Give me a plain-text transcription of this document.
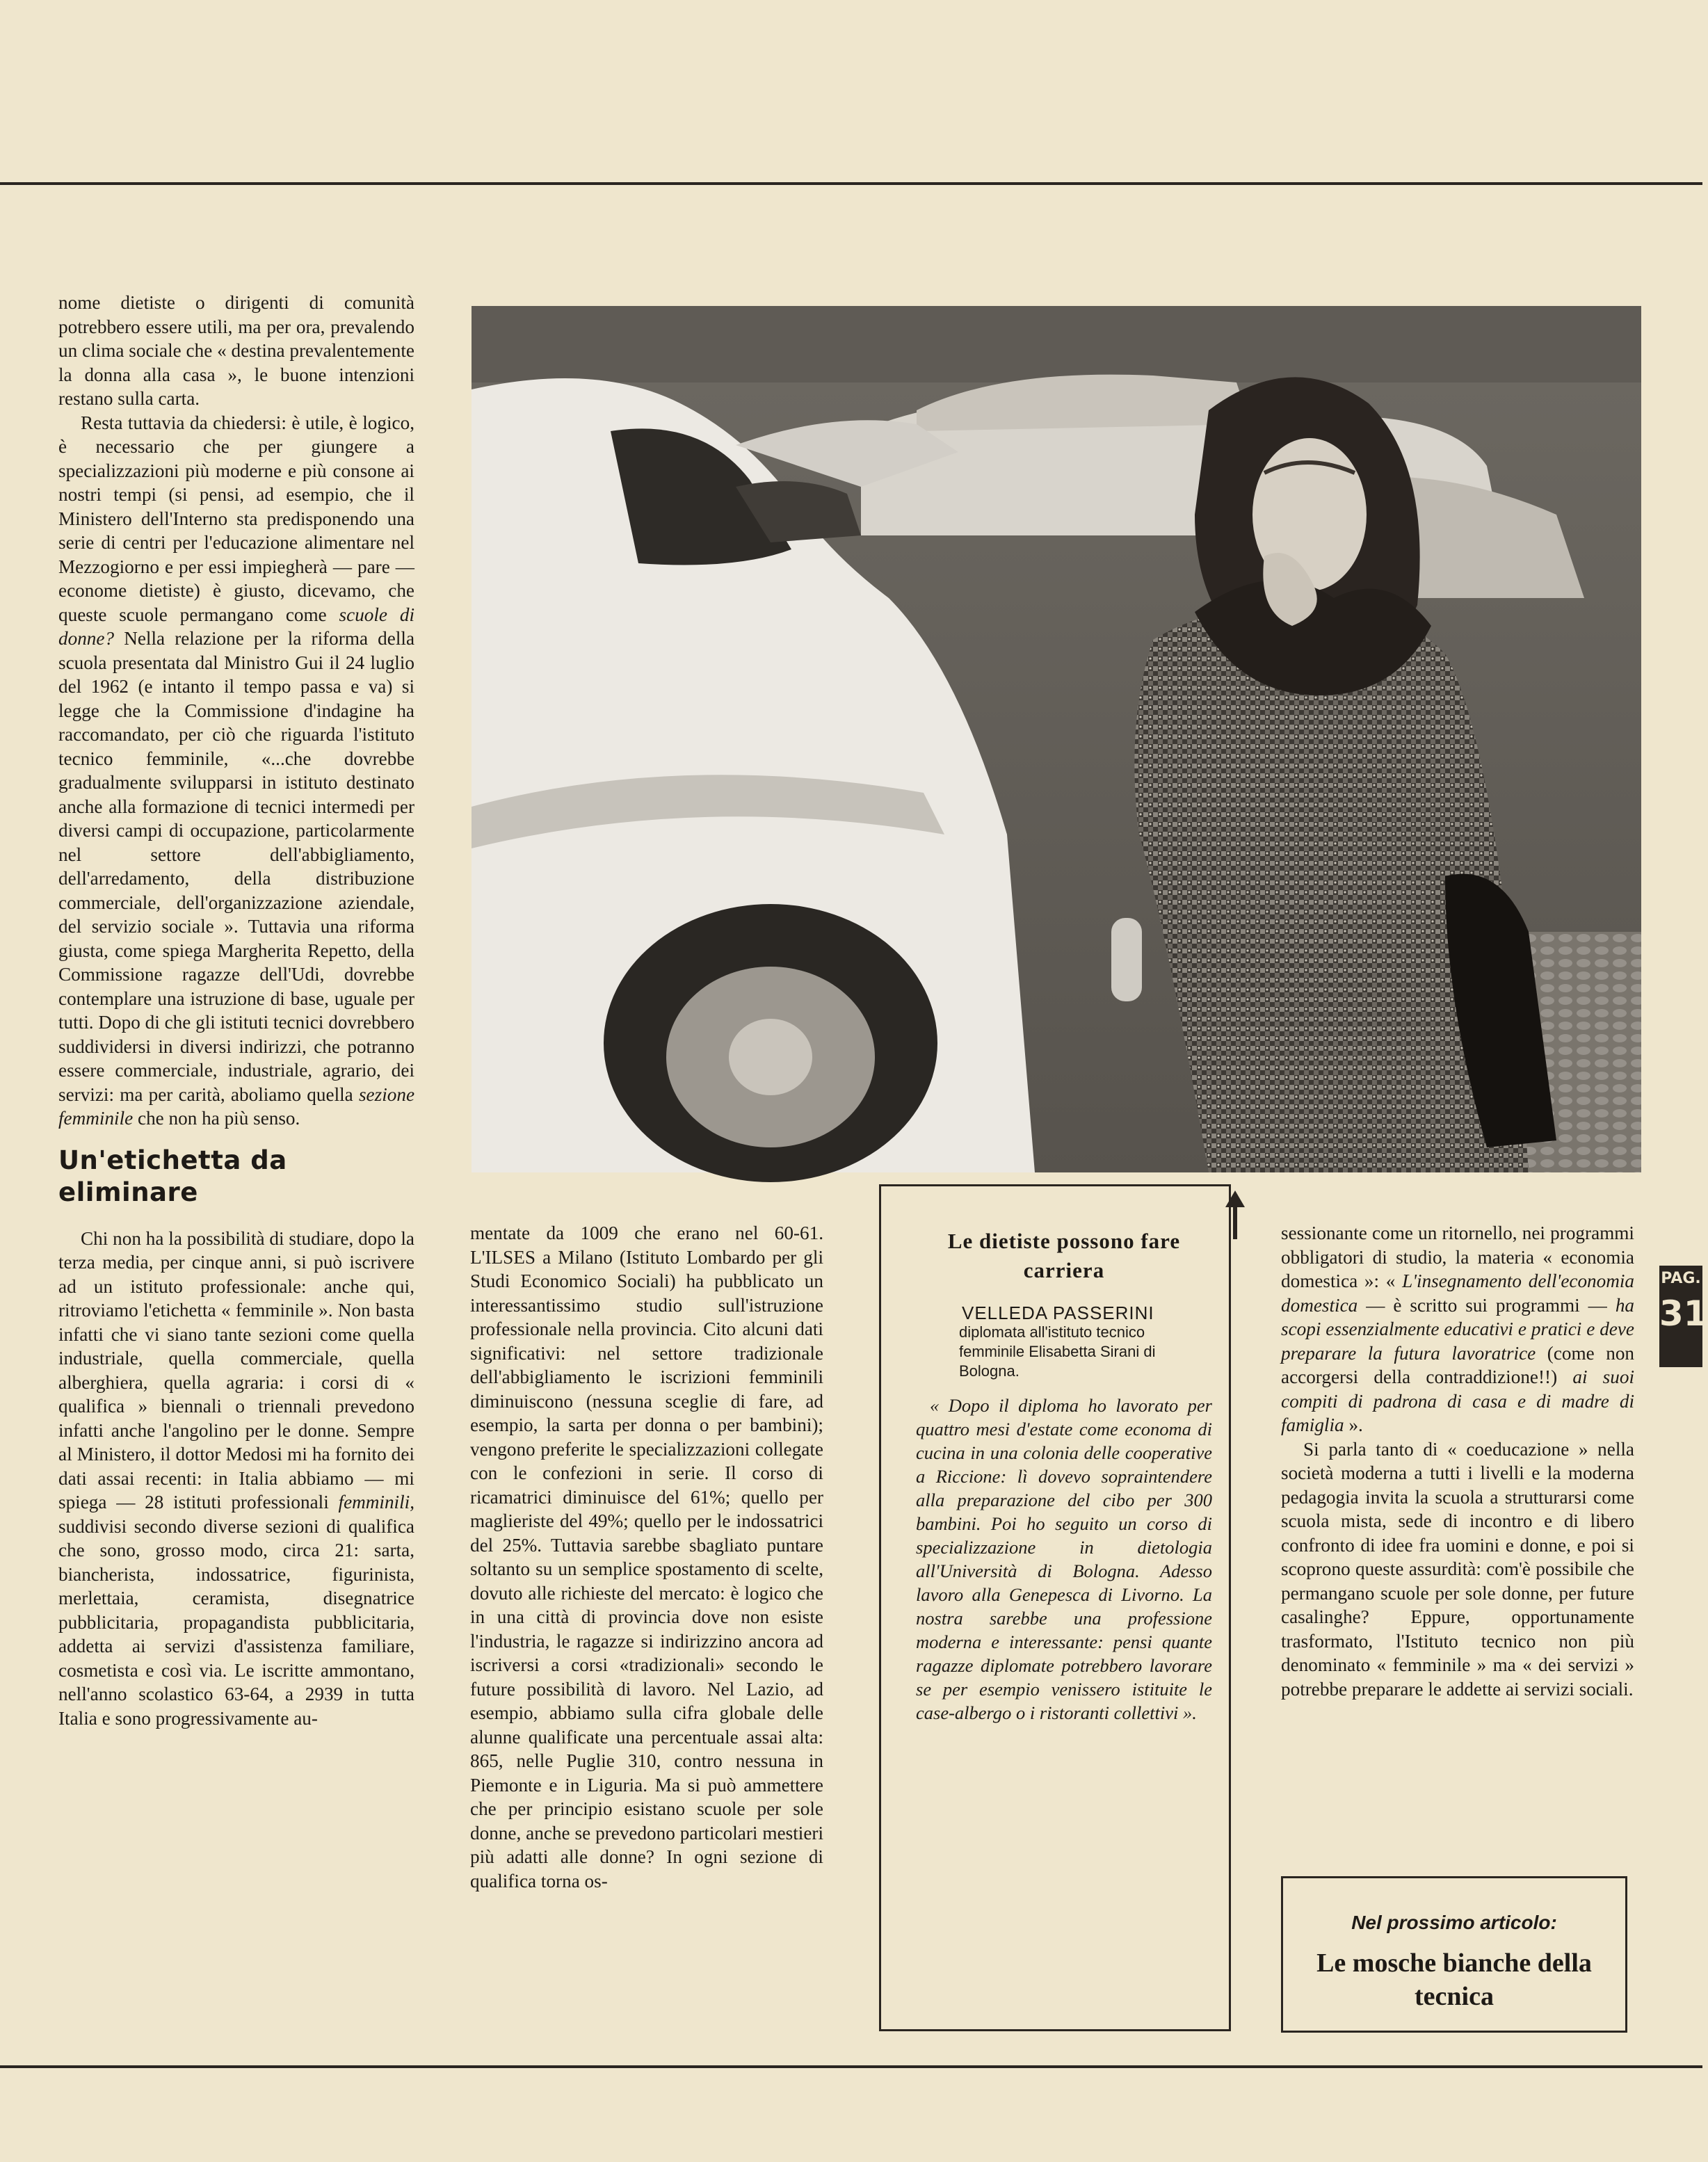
nome dietiste o dirigenti di comunità potrebbero essere utili, ma per ora, prevalendo un clima sociale che « destina prevalentemente la donna alla casa », le buone intenzioni restano sulla carta.

Resta tuttavia da chiedersi: è utile, è logico, è necessario che per giungere a specializzazioni più moderne e più consone ai nostri tempi (si pensi, ad esempio, che il Ministero dell'Interno sta predisponendo una serie di centri per l'educazione alimentare nel Mezzogiorno e per essi impiegherà — pare — econome dietiste) è giusto, dicevamo, che queste scuole permangano come scuole di donne? Nella relazione per la riforma della scuola presentata dal Ministro Gui il 24 luglio del 1962 (e intanto il tempo passa e va) si legge che la Commissione d'indagine ha raccomandato, per ciò che riguarda l'istituto tecnico femminile, «...che dovrebbe gradualmente svilupparsi in istituto destinato anche alla formazione di tecnici intermedi per diversi campi di occupazione, particolarmente nel settore dell'abbigliamento, dell'arredamento, della distribuzione commerciale, dell'organizzazione aziendale, del servizio sociale ». Tuttavia una riforma giusta, come spiega Margherita Repetto, della Commissione ragazze dell'Udi, dovrebbe contemplare una istruzione di base, uguale per tutti. Dopo di che gli istituti tecnici dovrebbero suddividersi in diversi indirizzi, che potranno essere commerciale, industriale, agrario, dei servizi: ma per carità, aboliamo quella sezione femminile che non ha più senso.

Un'etichetta da eliminare

Chi non ha la possibilità di studiare, dopo la terza media, per cinque anni, si può iscrivere ad un istituto professionale: anche qui, ritroviamo l'etichetta « femminile ». Non basta infatti che vi siano tante sezioni come quella industriale, quella commerciale, quella alberghiera, quella agraria: i corsi di « qualifica » biennali o triennali prevedono infatti anche l'angolino per le donne. Sempre al Ministero, il dottor Medosi mi ha fornito dei dati assai recenti: in Italia abbiamo — mi spiega — 28 istituti professionali femminili, suddivisi secondo diverse sezioni di qualifica che sono, grosso modo, circa 21: sarta, biancherista, indossatrice, figurinista, merlettaia, ceramista, disegnatrice pubblicitaria, propagandista pubblicitaria, addetta ai servizi d'assistenza familiare, cosmetista e così via. Le iscritte ammontano, nell'anno scolastico 63-64, a 2939 in tutta Italia e sono progressivamente au-

mentate da 1009 che erano nel 60-61. L'ILSES a Milano (Istituto Lombardo per gli Studi Economico Sociali) ha pubblicato un interessantissimo studio sull'istruzione professionale nella provincia. Cito alcuni dati significativi: nel settore tradizionale dell'abbigliamento le iscrizioni femminili diminuiscono (nessuna sceglie di fare, ad esempio, la sarta per donna o per bambini); vengono preferite le specializzazioni collegate con le confezioni in serie. Il corso di ricamatrici diminuisce del 61%; quello per maglieriste del 49%; quello per le indossatrici del 25%. Tuttavia sarebbe sbagliato puntare soltanto su un semplice spostamento di scelte, dovuto alle richieste del mercato: è logico che in una città di provincia dove non esiste l'industria, le ragazze si indirizzino ancora ad iscriversi a corsi «tradizionali» secondo le future possibilità di lavoro. Nel Lazio, ad esempio, abbiamo sulla cifra globale delle alunne qualificate una percentuale assai alta: 865, nelle Puglie 310, contro nessuna in Piemonte e in Liguria. Ma si può ammettere che per principio esistano scuole per sole donne, anche se prevedono particolari mestieri più adatti alle donne? In ogni sezione di qualifica torna os-

Le dietiste possono fare carriera
VELLEDA PASSERINI
diplomata all'istituto tecnico femminile Elisabetta Sirani di Bologna.

« Dopo il diploma ho lavorato per quattro mesi d'estate come economa di cucina in una colonia delle cooperative a Riccione: lì dovevo sopraintendere alla preparazione del cibo per 300 bambini. Poi ho seguito un corso di specializzazione in dietologia all'Università di Bologna. Adesso lavoro alla Genepesca di Livorno. La nostra sarebbe una professione moderna e interessante: pensi quante ragazze diplomate potrebbero lavorare se per esempio venissero istituite le case-albergo o i ristoranti collettivi ».

sessionante come un ritornello, nei programmi obbligatori di studio, la materia « economia domestica »: « L'insegnamento dell'economia domestica — è scritto sui programmi — ha scopi essenzialmente educativi e pratici e deve preparare la futura lavoratrice (come non accorgersi della contraddizione!!) ai suoi compiti di padrona di casa e di madre di famiglia ».

Si parla tanto di « coeducazione » nella società moderna a tutti i livelli e la moderna pedagogia invita la scuola a strutturarsi come scuola mista, sede di incontro e di libero confronto di idee fra uomini e donne, e poi si scoprono queste assurdità: com'è possibile che permangano scuole per sole donne, per future casalinghe? Eppure, opportunamente trasformato, l'Istituto tecnico non più denominato « femminile » ma « dei servizi » potrebbe preparare le addette ai servizi sociali.

PAG.
31
Nel prossimo articolo:
Le mosche bianche della tecnica
